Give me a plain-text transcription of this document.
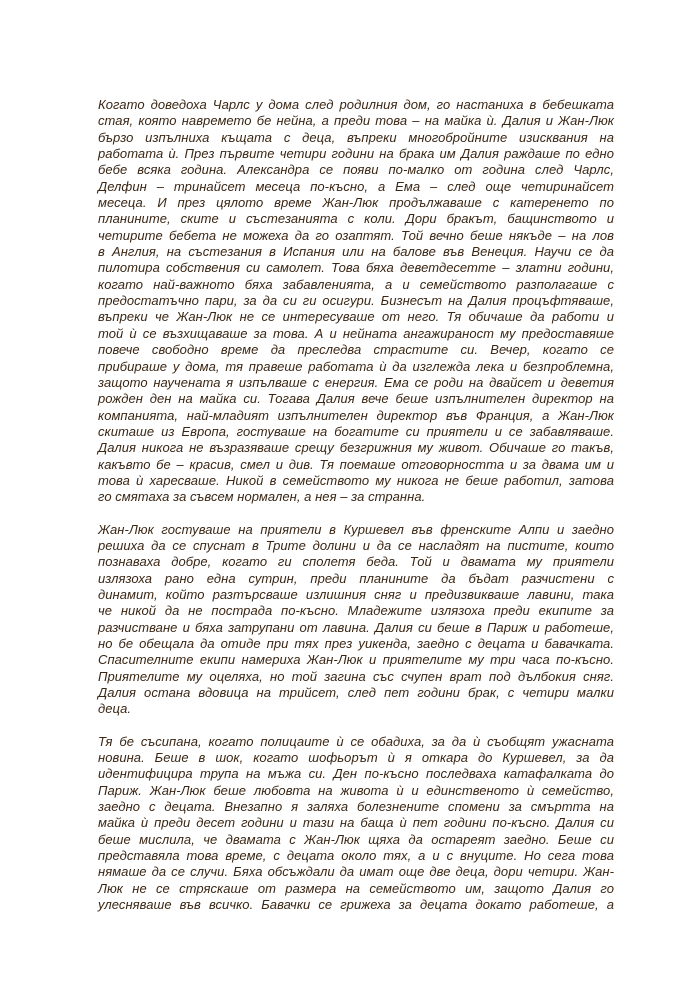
Когато доведоха Чарлс у дома след родилния дом, го настаниха в бебешката
стая, която навремето бе нейна, а преди това – на майка ѝ. Далия и Жан-Люк
бързо изпълниха къщата с деца, въпреки многобройните изисквания на
работата ѝ. През първите четири години на брака им Далия раждаше по едно
бебе всяка година. Александра се появи по-малко от година след Чарлс,
Делфин – тринайсет месеца по-късно, а Ема – след още четиринайсет
месеца. И през цялото време Жан-Люк продължаваше с катеренето по
планините, ските и състезанията с коли. Дори бракът, бащинството и
четирите бебета не можеха да го озаптят. Той вечно беше някъде – на лов
в Англия, на състезания в Испания или на балове във Венеция. Научи се да
пилотира собствения си самолет. Това бяха деветдесетте – златни години,
когато най-важното бяха забавленията, а и семейството разполагаше с
предостатъчно пари, за да си ги осигури. Бизнесът на Далия процъфтяваше,
въпреки че Жан-Люк не се интересуваше от него. Тя обичаше да работи и
той ѝ се възхищаваше за това. А и нейната ангажираност му предоставяше
повече свободно време да преследва страстите си. Вечер, когато се
прибираше у дома, тя правеше работата ѝ да изглежда лека и безпроблемна,
защото научената я изпълваше с енергия. Ема се роди на двайсет и деветия
рожден ден на майка си. Тогава Далия вече беше изпълнителен директор на
компанията, най-младият изпълнителен директор във Франция, а Жан-Люк
скиташе из Европа, гостуваше на богатите си приятели и се забавляваше.
Далия никога не възразяваше срещу безгрижния му живот. Обичаше го такъв,
какъвто бе – красив, смел и див. Тя поемаше отговорността и за двама им и
това ѝ харесваше. Никой в семейството му никога не беше работил, затова
го смятаха за съвсем нормален, а нея – за странна.
Жан-Люк гостуваше на приятели в Куршевел във френските Алпи и заедно
решиха да се спуснат в Трите долини и да се насладят на пистите, които
познаваха добре, когато ги сполетя беда. Той и двамата му приятели
излязоха рано една сутрин, преди планините да бъдат разчистени с
динамит, който разтърсваше излишния сняг и предизвикваше лавини, така
че никой да не пострада по-късно. Младежите излязоха преди екипите за
разчистване и бяха затрупани от лавина. Далия си беше в Париж и работеше,
но бе обещала да отиде при тях през уикенда, заедно с децата и бавачката.
Спасителните екипи намериха Жан-Люк и приятелите му три часа по-късно.
Приятелите му оцеляха, но той загина със счупен врат под дълбокия сняг.
Далия остана вдовица на трийсет, след пет години брак, с четири малки
деца.
Тя бе съсипана, когато полицаите ѝ се обадиха, за да ѝ съобщят ужасната
новина. Беше в шок, когато шофьорът ѝ я откара до Куршевел, за да
идентифицира трупа на мъжа си. Ден по-късно последваха катафалката до
Париж. Жан-Люк беше любовта на живота ѝ и единственото ѝ семейство,
заедно с децата. Внезапно я заляха болезнените спомени за смъртта на
майка ѝ преди десет години и тази на баща ѝ пет години по-късно. Далия си
беше мислила, че двамата с Жан-Люк щяха да остареят заедно. Беше си
представяла това време, с децата около тях, а и с внуците. Но сега това
нямаше да се случи. Бяха обсъждали да имат още две деца, дори четири. Жан-
Люк не се стряскаше от размера на семейството им, защото Далия го
улесняваше във всичко. Бавачки се грижеха за децата докато работеше, а
